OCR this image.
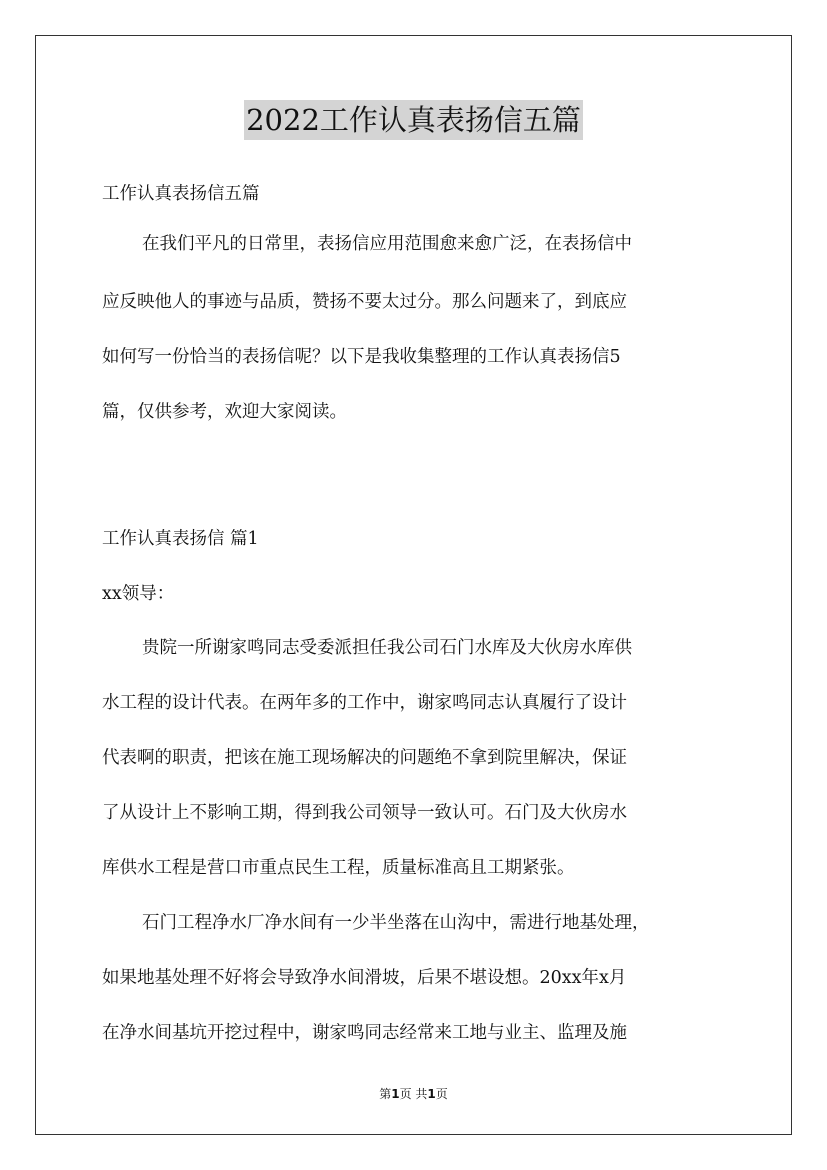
2022工作认真表扬信五篇
工作认真表扬信五篇
在我们平凡的日常里，表扬信应用范围愈来愈广泛，在表扬信中
应反映他人的事迹与品质，赞扬不要太过分。那么问题来了，到底应
如何写一份恰当的表扬信呢？以下是我收集整理的工作认真表扬信5
篇，仅供参考，欢迎大家阅读。
工作认真表扬信 篇1
xx领导：
贵院一所谢家鸣同志受委派担任我公司石门水库及大伙房水库供
水工程的设计代表。在两年多的工作中，谢家鸣同志认真履行了设计
代表啊的职责，把该在施工现场解决的问题绝不拿到院里解决，保证
了从设计上不影响工期，得到我公司领导一致认可。石门及大伙房水
库供水工程是营口市重点民生工程，质量标准高且工期紧张。
石门工程净水厂净水间有一少半坐落在山沟中，需进行地基处理，
如果地基处理不好将会导致净水间滑坡，后果不堪设想。20xx年x月
在净水间基坑开挖过程中，谢家鸣同志经常来工地与业主、监理及施
第1页 共1页
